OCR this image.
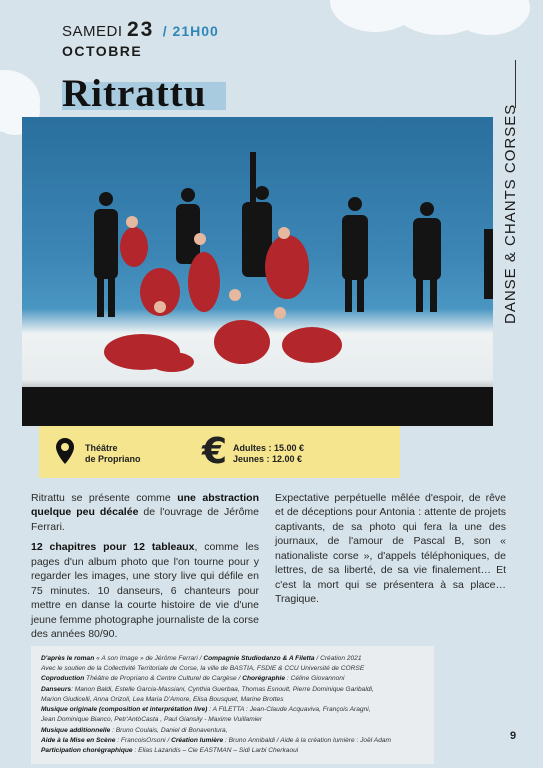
SAMEDI 23 / 21H00
OCTOBRE
Ritrattu
DANSE & CHANTS CORSES
Théâtre
de Propriano € Adultes : 15.00 €
Jeunes : 12.00 €

Ritrattu se présente comme une abstraction quelque peu décalée de l'ouvrage de Jérôme Ferrari.

12 chapitres pour 12 tableaux, comme les pages d'un album photo que l'on tourne pour y regarder les images, une story live qui défile en 75 minutes. 10 danseurs, 6 chanteurs pour mettre en danse la courte histoire de vie d'une jeune femme photographe journaliste de la corse des années 80/90.

Expectative perpétuelle mêlée d'espoir, de rêve et de déceptions pour Antonia : attente de projets captivants, de sa photo qui fera la une des journaux, de l'amour de Pascal B, son « nationaliste corse », d'appels téléphoniques, de lettres, de sa liberté, de sa vie finalement… Et c'est la mort qui se présentera à sa place… Tragique.

D'après le roman « A son Image » de Jérôme Ferrari / Compagnie Studiodanzo & A Filetta / Création 2021
Avec le soutien de la Collectivité Territoriale de Corse, la ville de BASTIA, FSDIE & CCU Université de CORSE
Coproduction Théâtre de Propriano & Centre Culturel de Cargèse / Chorégraphie : Céline Giovannoni
Danseurs: Manon Baldi, Estelle Garcia-Massiani, Cynthia Guerbaa, Thomas Esnoult, Pierre Dominique Garibaldi,
Marion Giudicelli, Anna Orizoli, Lea Maria D'Amore, Elisa Bousquet, Marine Brottes
Musique originale (composition et interprétation live) : A FILETTA : Jean-Claude Acquaviva, François Aragni,
Jean Dominique Bianco, Petr'AntòCasta , Paul Giansily - Maxime Vuillamier
Musique additionnelle : Bruno Coulais, Daniel di Bonaventura,
Aide à la Mise en Scène : FrancoisOrsoni / Création lumière : Bruno Annibaldi / Aide à la création lumière : Joël Adam
Participation chorégraphique : Elias Lazaridis – Cie EASTMAN – Sidi Larbi Cherkaoui
9
